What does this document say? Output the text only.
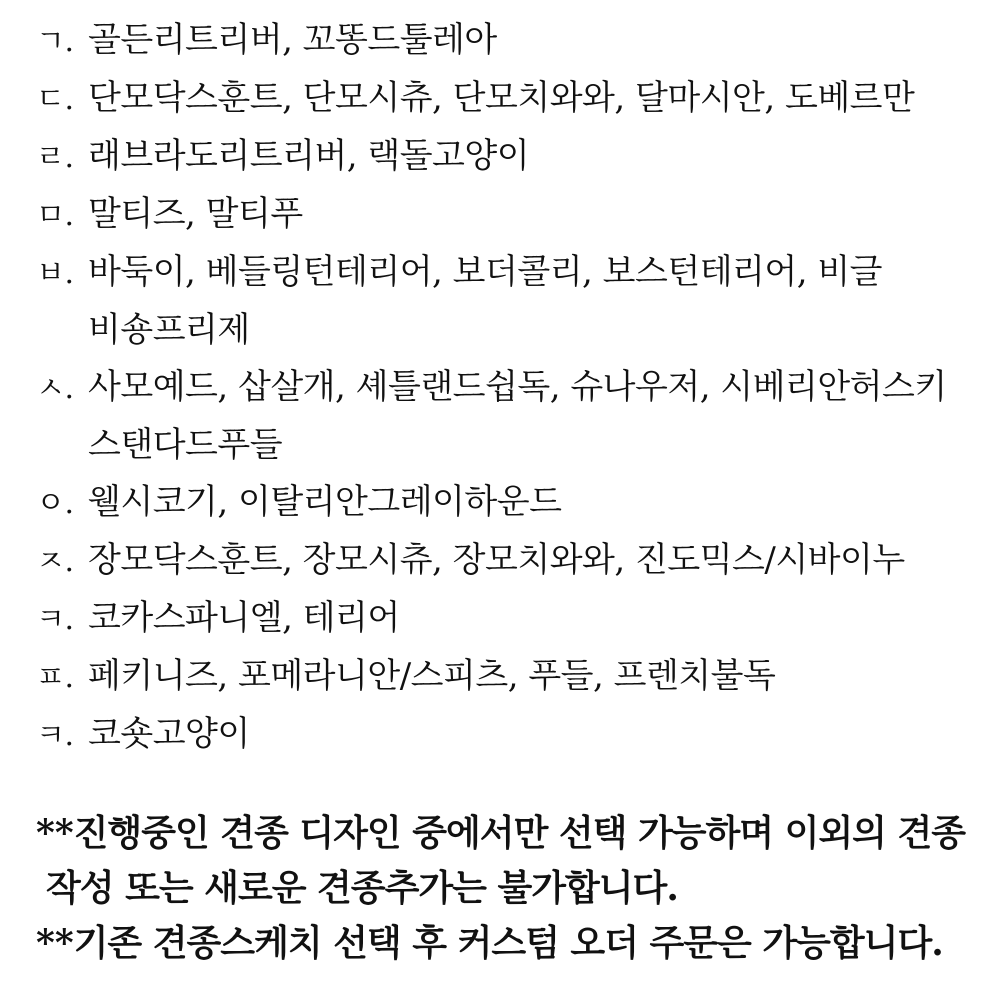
ㄱ. 골든리트리버, 꼬똥드툴레아
ㄷ. 단모닥스훈트, 단모시츄, 단모치와와, 달마시안, 도베르만
ㄹ. 래브라도리트리버, 랙돌고양이
ㅁ. 말티즈, 말티푸
ㅂ. 바둑이, 베들링턴테리어, 보더콜리, 보스턴테리어, 비글
비숑프리제
ㅅ. 사모예드, 삽살개, 셰틀랜드쉽독, 슈나우저, 시베리안허스키
스탠다드푸들
ㅇ. 웰시코기, 이탈리안그레이하운드
ㅈ. 장모닥스훈트, 장모시츄, 장모치와와, 진도믹스/시바이누
ㅋ. 코카스파니엘, 테리어
ㅍ. 페키니즈, 포메라니안/스피츠, 푸들, 프렌치불독
ㅋ. 코숏고양이
**진행중인 견종 디자인 중에서만 선택 가능하며 이외의 견종
작성 또는 새로운 견종추가는 불가합니다.
**기존 견종스케치 선택 후 커스텀 오더 주문은 가능합니다.
